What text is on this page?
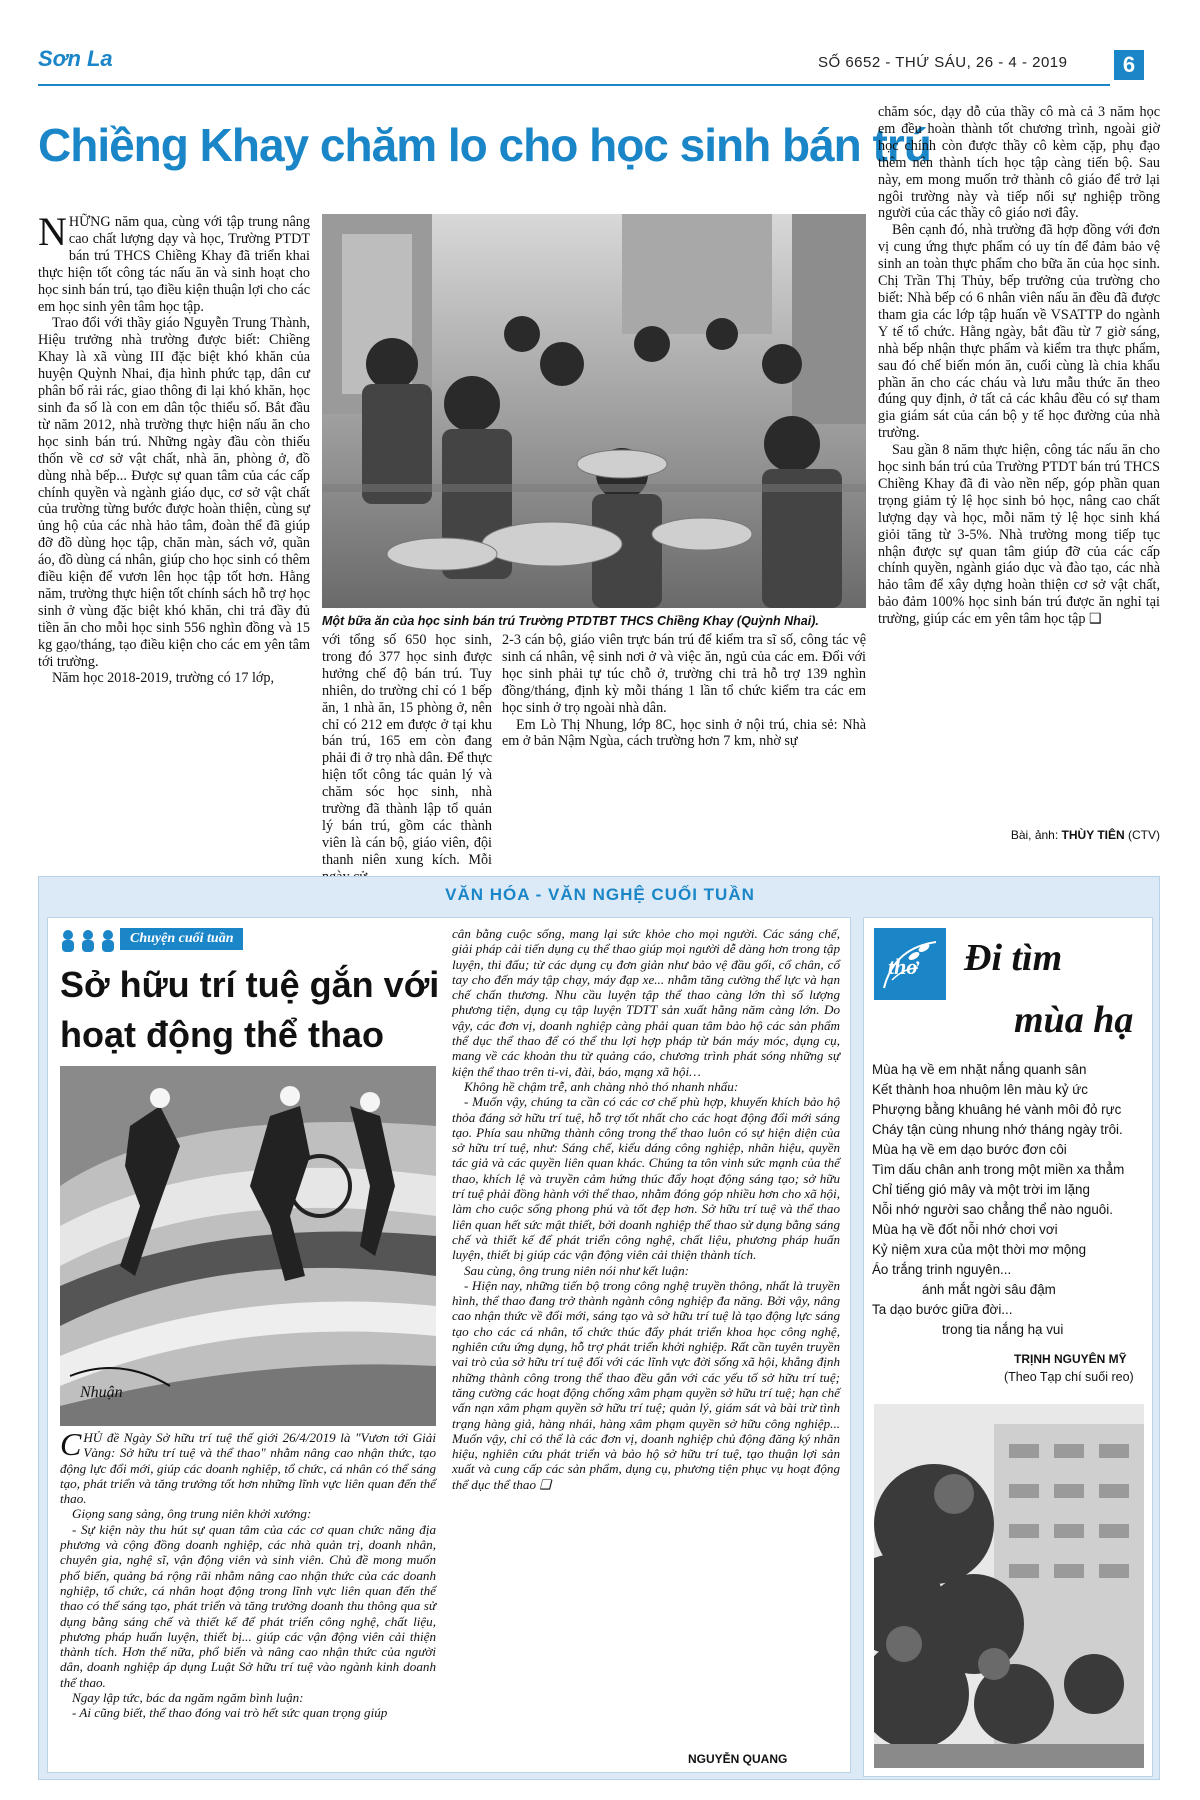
Sơn La	SỐ 6652 - THỨ SÁU, 26 - 4 - 2019	6
Chiềng Khay chăm lo cho học sinh bán trú

NHỮNG năm qua, cùng với tập trung nâng cao chất lượng dạy và học, Trường PTDT bán trú THCS Chiềng Khay đã triển khai thực hiện tốt công tác nấu ăn và sinh hoạt cho học sinh bán trú, tạo điều kiện thuận lợi cho các em học sinh yên tâm học tập.

Trao đổi với thầy giáo Nguyễn Trung Thành, Hiệu trưởng nhà trường được biết: Chiềng Khay là xã vùng III đặc biệt khó khăn của huyện Quỳnh Nhai, địa hình phức tạp, dân cư phân bố rải rác, giao thông đi lại khó khăn, học sinh đa số là con em dân tộc thiểu số. Bắt đầu từ năm 2012, nhà trường thực hiện nấu ăn cho học sinh bán trú. Những ngày đầu còn thiếu thốn về cơ sở vật chất, nhà ăn, phòng ở, đồ dùng nhà bếp... Được sự quan tâm của các cấp chính quyền và ngành giáo dục, cơ sở vật chất của trường từng bước được hoàn thiện, cùng sự ủng hộ của các nhà hảo tâm, đoàn thể đã giúp đỡ đồ dùng học tập, chăn màn, sách vở, quần áo, đồ dùng cá nhân, giúp cho học sinh có thêm điều kiện để vươn lên học tập tốt hơn. Hằng năm, trường thực hiện tốt chính sách hỗ trợ học sinh ở vùng đặc biệt khó khăn, chi trả đầy đủ tiền ăn cho mỗi học sinh 556 nghìn đồng và 15 kg gạo/tháng, tạo điều kiện cho các em yên tâm tới trường.

Năm học 2018-2019, trường có 17 lớp,

Một bữa ăn của học sinh bán trú Trường PTDTBT THCS Chiềng Khay (Quỳnh Nhai).

với tổng số 650 học sinh, trong đó 377 học sinh được hưởng chế độ bán trú. Tuy nhiên, do trường chỉ có 1 bếp ăn, 1 nhà ăn, 15 phòng ở, nên chỉ có 212 em được ở tại khu bán trú, 165 em còn đang phải đi ở trọ nhà dân. Để thực hiện tốt công tác quản lý và chăm sóc học sinh, nhà trường đã thành lập tổ quản lý bán trú, gồm các thành viên là cán bộ, giáo viên, đội thanh niên xung kích. Mỗi

2-3 cán bộ, giáo viên trực bán trú để kiểm tra sĩ số, công tác vệ sinh cá nhân, vệ sinh nơi ở và việc ăn, ngủ của các em. Đối với học sinh phải tự túc chỗ ở, trường chi trả hỗ trợ 139 nghìn đồng/tháng, định kỳ mỗi tháng 1 lần tổ chức kiểm tra các em học sinh ở trọ ngoài nhà dân.

Em Lò Thị Nhung, lớp 8C, học sinh ở nội trú, chia sẻ: Nhà em ở bản Nậm Ngùa, cách trường hơn 7 km, nhờ sự

chăm sóc, dạy dỗ của thầy cô mà cả 3 năm học em đều hoàn thành tốt chương trình, ngoài giờ học chính còn được thầy cô kèm cặp, phụ đạo thêm nên thành tích học tập càng tiến bộ. Sau này, em mong muốn trở thành cô giáo để trở lại ngôi trường này và tiếp nối sự nghiệp trồng người của các thầy cô giáo nơi đây.

Bên cạnh đó, nhà trường đã hợp đồng với đơn vị cung ứng thực phẩm có uy tín để đảm bảo vệ sinh an toàn thực phẩm cho bữa ăn của học sinh. Chị Trần Thị Thủy, bếp trưởng của trường cho biết: Nhà bếp có 6 nhân viên nấu ăn đều đã được tham gia các lớp tập huấn về VSATTP do ngành Y tế tổ chức. Hằng ngày, bắt đầu từ 7 giờ sáng, nhà bếp nhận thực phẩm và kiểm tra thực phẩm, sau đó chế biến món ăn, cuối cùng là chia khẩu phần ăn cho các cháu và lưu mẫu thức ăn theo đúng quy định, ở tất cả các khâu đều có sự tham gia giám sát của cán bộ y tế học đường của nhà trường.

Sau gần 8 năm thực hiện, công tác nấu ăn cho học sinh bán trú của Trường PTDT bán trú THCS Chiềng Khay đã đi vào nền nếp, góp phần quan trọng giảm tỷ lệ học sinh bỏ học, nâng cao chất lượng dạy và học, mỗi năm tỷ lệ học sinh khá giỏi tăng từ 3-5%. Nhà trường mong tiếp tục nhận được sự quan tâm giúp đỡ của các cấp chính quyền, ngành giáo dục và đào tạo, các nhà hảo tâm để xây dựng hoàn thiện cơ sở vật chất, bảo đảm 100% học sinh bán trú được ăn nghỉ tại trường, giúp các em yên tâm học tập ❑

Bài, ảnh: THÙY TIÊN (CTV)
VĂN HÓA - VĂN NGHỆ CUỐI TUẦN
Chuyện cuối tuần
Sở hữu trí tuệ gắn với
hoạt động thể thao
Nhuận

CHỦ đề Ngày Sở hữu trí tuệ thế giới 26/4/2019 là "Vươn tới Giải Vàng: Sở hữu trí tuệ và thể thao" nhằm nâng cao nhận thức, tạo động lực đổi mới, giúp các doanh nghiệp, tổ chức, cá nhân có thể sáng tạo, phát triển và tăng trưởng tốt hơn những lĩnh vực liên quan đến thể thao.

Giọng sang sảng, ông trung niên khởi xướng:

- Sự kiện này thu hút sự quan tâm của các cơ quan chức năng địa phương và cộng đồng doanh nghiệp, các nhà quản trị, doanh nhân, chuyên gia, nghệ sĩ, vận động viên và sinh viên. Chủ đề mong muốn phổ biến, quảng bá rộng rãi nhằm nâng cao nhận thức của các doanh nghiệp, tổ chức, cá nhân hoạt động trong lĩnh vực liên quan đến thể thao có thể sáng tạo, phát triển và tăng trưởng doanh thu thông qua sử dụng bằng sáng chế và thiết kế để phát triển công nghệ, chất liệu, phương pháp huấn luyện, thiết bị... giúp các vận động viên cải thiện thành tích. Hơn thế nữa, phổ biến và nâng cao nhận thức của người dân, doanh nghiệp áp dụng Luật Sở hữu trí tuệ vào ngành kinh doanh thể thao.

Ngay lập tức, bác da ngăm ngăm bình luận:

- Ai cũng biết, thể thao đóng vai trò hết sức quan trọng giúp

cân bằng cuộc sống, mang lại sức khỏe cho mọi người. Các sáng chế, giải pháp cải tiến dụng cụ thể thao giúp mọi người dễ dàng hơn trong tập luyện, thi đấu; từ các dụng cụ đơn giản như bảo vệ đầu gối, cổ chân, cổ tay cho đến máy tập chạy, máy đạp xe... nhằm tăng cường thể lực và hạn chế chấn thương. Nhu cầu luyện tập thể thao càng lớn thì số lượng phương tiện, dụng cụ tập luyện TDTT sản xuất hằng năm càng lớn. Do vậy, các đơn vị, doanh nghiệp càng phải quan tâm bảo hộ các sản phẩm thể dục thể thao để có thể thu lợi hợp pháp từ bán máy móc, dụng cụ, mang về các khoản thu từ quảng cáo, chương trình phát sóng những sự kiện thể thao trên ti-vi, đài, báo, mạng xã hội…

Không hề chậm trễ, anh chàng nhỏ thó nhanh nhẩu:

- Muốn vậy, chúng ta cần có các cơ chế phù hợp, khuyến khích bảo hộ thỏa đáng sở hữu trí tuệ, hỗ trợ tốt nhất cho các hoạt động đổi mới sáng tạo. Phía sau những thành công trong thể thao luôn có sự hiện diện của sở hữu trí tuệ, như: Sáng chế, kiểu dáng công nghiệp, nhãn hiệu, quyền tác giả và các quyền liên quan khác. Chúng ta tôn vinh sức mạnh của thể thao, khích lệ và truyền cảm hứng thúc đẩy hoạt động sáng tạo; sở hữu trí tuệ phải đồng hành với thể thao, nhằm đóng góp nhiều hơn cho xã hội, làm cho cuộc sống phong phú và tốt đẹp hơn. Sở hữu trí tuệ và thể thao liên quan hết sức mật thiết, bởi doanh nghiệp thể thao sử dụng bằng sáng chế và thiết kế để phát triển công nghệ, chất liệu, phương pháp huấn luyện, thiết bị giúp các vận động viên cải thiện thành tích.

Sau cùng, ông trung niên nói như kết luận:

- Hiện nay, những tiến bộ trong công nghệ truyền thông, nhất là truyền hình, thể thao đang trở thành ngành công nghiệp đa năng. Bởi vậy, nâng cao nhận thức về đổi mới, sáng tạo và sở hữu trí tuệ là tạo động lực sáng tạo cho các cá nhân, tổ chức thúc đẩy phát triển khoa học công nghệ, nghiên cứu ứng dụng, hỗ trợ phát triển khởi nghiệp. Rất cần tuyên truyền vai trò của sở hữu trí tuệ đối với các lĩnh vực đời sống xã hội, khẳng định những thành công trong thể thao đều gắn với các yếu tố sở hữu trí tuệ; tăng cường các hoạt động chống xâm phạm quyền sở hữu trí tuệ; hạn chế vấn nạn xâm phạm quyền sở hữu trí tuệ; quản lý, giám sát và bài trừ tình trạng hàng giả, hàng nhái, hàng xâm phạm quyền sở hữu công nghiệp... Muốn vậy, chỉ có thể là các đơn vị, doanh nghiệp chủ động đăng ký nhãn hiệu, nghiên cứu phát triển và bảo hộ sở hữu trí tuệ, tạo thuận lợi sản xuất và cung cấp các sản phẩm, dụng cụ, phương tiện phục vụ hoạt động thể dục thể thao ❑

NGUYỄN QUANG
thơ Đi tìm
mùa hạ

Mùa hạ về em nhặt nắng quanh sân

Kết thành hoa nhuộm lên màu kỷ ức

Phượng bằng khuâng hé vành môi đỏ rực

Cháy tận cùng nhung nhớ tháng ngày trôi.

Mùa hạ về em dạo bước đơn côi

Tìm dấu chân anh trong một miền xa thẳm

Chỉ tiếng gió mây và một trời im lặng

Nỗi nhớ người sao chẳng thể nào nguôi.

Mùa hạ về đốt nỗi nhớ chơi vơi

Kỷ niệm xưa của một thời mơ mộng

Áo trắng trinh nguyên...

ánh mắt ngời sâu đậm

Ta dạo bước giữa đời...

trong tia nắng hạ vui

TRỊNH NGUYÊN MỸ
(Theo Tạp chí suối reo)
